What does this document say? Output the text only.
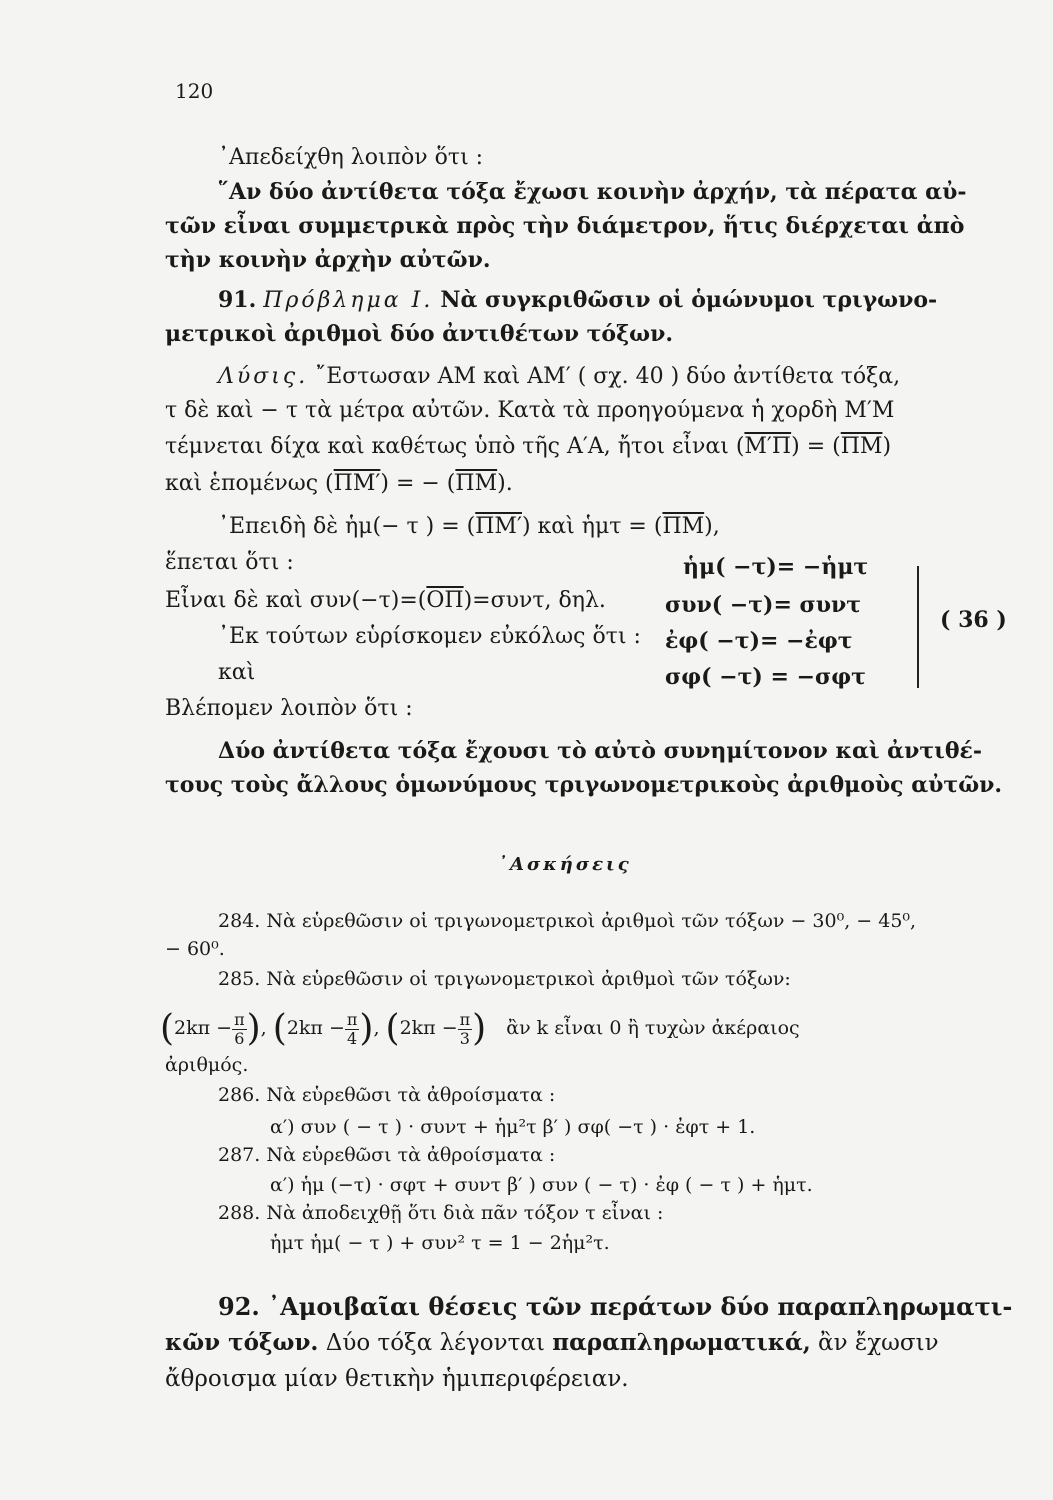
120
᾽Απεδείχθη λοιπὸν ὅτι :
῞Αν δύο ἀντίθετα τόξα ἔχωσι κοινὴν ἀρχήν, τὰ πέρατα αὐ-
τῶν εἶναι συμμετρικὰ πρὸς τὴν διάμετρον, ἥτις διέρχεται ἀπὸ
τὴν κοινὴν ἀρχὴν αὐτῶν.
91. Πρόβλημα Ι. Νὰ συγκριθῶσιν οἱ ὁμώνυμοι τριγωνο-
μετρικοὶ ἀριθμοὶ δύο ἀντιθέτων τόξων.
Λύσις. ῎Εστωσαν ΑΜ καὶ ΑΜ′ ( σχ. 40 ) δύο ἀντίθετα τόξα,
τ δὲ καὶ − τ τὰ μέτρα αὐτῶν. Κατὰ τὰ προηγούμενα ἡ χορδὴ Μ′Μ
τέμνεται δίχα καὶ καθέτως ὑπὸ τῆς Α′Α, ἤτοι εἶναι $(M'\Pi) = (\overline{\Pi M})$
καὶ ἑπομένως (ΠΜ′) = − $(\overline{\Pi M})$.
᾽Επειδὴ δὲ ἡμ(− τ ) = (ΠΜ′) καὶ ἡμτ = $(\overline{\Pi M})$,
ἕπεται ὅτι :
Εἶναι δὲ καὶ $\sigma\upsilon\nu(-\tau)=(\overline{O\Pi})=\sigma\upsilon\nu\tau$, δηλ.
᾽Εκ τούτων εὑρίσκομεν εὐκόλως ὅτι :
καὶ
ἡμ( −τ)= −ἡμτ
συν( −τ)= συντ
ἐφ( −τ)= −ἐφτ
σφ( −τ) = −σφτ
( 36 )
Βλέπομεν λοιπὸν ὅτι :
Δύο ἀντίθετα τόξα ἔχουσι τὸ αὐτὸ συνημίτονον καὶ ἀντιθέ-
τους τοὺς ἄλλους ὁμωνύμους τριγωνομετρικοὺς ἀριθμοὺς αὐτῶν.
᾽Ασκήσεις
284. Νὰ εὑρεθῶσιν οἱ τριγωνομετρικοὶ ἀριθμοὶ τῶν τόξων − 30⁰, − 45⁰,
− 60⁰.
285. Νὰ εὑρεθῶσιν οἱ τριγωνομετρικοὶ ἀριθμοὶ τῶν τόξων:
($2k\pi - \frac{\pi}{6}$ ), ($2k\pi - \frac{\pi}{4}$ ), ($2k\pi - \frac{\pi}{3}$ ) ἂν k εἶναι 0 ἢ τυχὼν ἀκέραιος
ἀριθμός.
286. Νὰ εὑρεθῶσι τὰ ἀθροίσματα :
α′) συν ( − τ ) · συντ + ἡμ²τ β′ ) σφ( −τ ) · ἐφτ + 1.
287. Νὰ εὑρεθῶσι τὰ ἀθροίσματα :
α′) ἡμ (−τ) · σφτ + συντ β′ ) συν ( − τ) · ἐφ ( − τ ) + ἡμτ.
288. Νὰ ἀποδειχθῇ ὅτι διὰ πᾶν τόξον τ εἶναι :
ἡμτ ἡμ( − τ ) + συν² τ = 1 − 2ἡμ²τ.
92. ᾽Αμοιβαῖαι θέσεις τῶν περάτων δύο παραπληρωματι-
κῶν τόξων. Δύο τόξα λέγονται παραπληρωματικά, ἂν ἔχωσιν
ἄθροισμα μίαν θετικὴν ἡμιπεριφέρειαν.
